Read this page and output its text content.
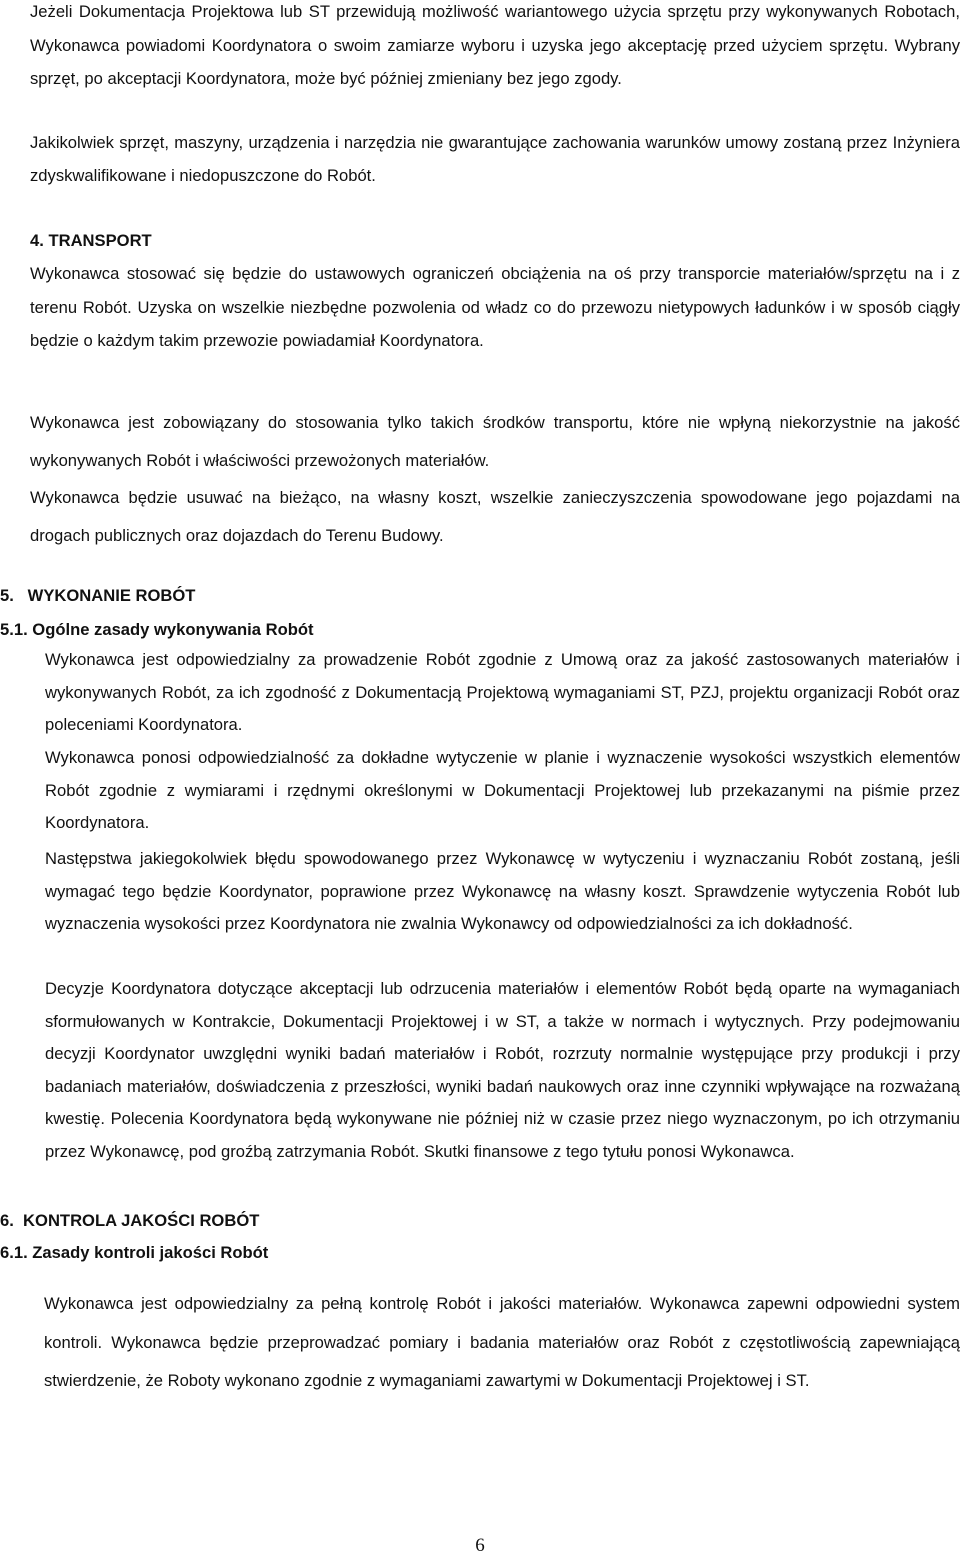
Jeżeli Dokumentacja Projektowa lub ST przewidują możliwość wariantowego użycia sprzętu przy wykonywanych Robotach, Wykonawca powiadomi Koordynatora o swoim zamiarze wyboru i uzyska jego akceptację przed użyciem sprzętu. Wybrany sprzęt, po akceptacji Koordynatora, może być później zmieniany bez jego zgody.

Jakikolwiek sprzęt, maszyny, urządzenia i narzędzia nie gwarantujące zachowania warunków umowy zostaną przez Inżyniera zdyskwalifikowane i niedopuszczone do Robót.

4. TRANSPORT

Wykonawca stosować się będzie do ustawowych ograniczeń obciążenia na oś przy transporcie materiałów/sprzętu na i z terenu Robót. Uzyska on wszelkie niezbędne pozwolenia od władz co do przewozu nietypowych ładunków i w sposób ciągły będzie o każdym takim przewozie powiadamiał Koordynatora.

Wykonawca jest zobowiązany do stosowania tylko takich środków transportu, które nie wpłyną niekorzystnie na jakość wykonywanych Robót i właściwości przewożonych materiałów.

Wykonawca będzie usuwać na bieżąco, na własny koszt, wszelkie zanieczyszczenia spowodowane jego pojazdami na drogach publicznych oraz dojazdach do Terenu Budowy.

5.   WYKONANIE ROBÓT
5.1. Ogólne zasady wykonywania Robót

Wykonawca jest odpowiedzialny za prowadzenie Robót zgodnie z Umową oraz za jakość zastosowanych materiałów i wykonywanych Robót, za ich zgodność z Dokumentacją Projektową wymaganiami ST, PZJ, projektu organizacji Robót oraz poleceniami Koordynatora.

Wykonawca ponosi odpowiedzialność za dokładne wytyczenie w planie i wyznaczenie wysokości wszystkich elementów Robót zgodnie z wymiarami i rzędnymi określonymi w Dokumentacji Projektowej lub przekazanymi na piśmie przez Koordynatora.

Następstwa jakiegokolwiek błędu spowodowanego przez Wykonawcę w wytyczeniu i wyznaczaniu Robót zostaną, jeśli wymagać tego będzie Koordynator, poprawione przez Wykonawcę na własny koszt. Sprawdzenie wytyczenia Robót lub wyznaczenia wysokości przez Koordynatora nie zwalnia Wykonawcy od odpowiedzialności za ich dokładność.

Decyzje Koordynatora dotyczące akceptacji lub odrzucenia materiałów i elementów Robót będą oparte na wymaganiach sformułowanych w Kontrakcie, Dokumentacji Projektowej i w ST, a także w normach i wytycznych. Przy podejmowaniu decyzji Koordynator uwzględni wyniki badań materiałów i Robót, rozrzuty normalnie występujące przy produkcji i przy badaniach materiałów, doświadczenia z przeszłości, wyniki badań naukowych oraz inne czynniki wpływające na rozważaną kwestię. Polecenia Koordynatora będą wykonywane nie później niż w czasie przez niego wyznaczonym, po ich otrzymaniu przez Wykonawcę, pod groźbą zatrzymania Robót. Skutki finansowe z tego tytułu ponosi Wykonawca.

6.  KONTROLA JAKOŚCI ROBÓT
6.1. Zasady kontroli jakości Robót

Wykonawca jest odpowiedzialny za pełną kontrolę Robót i jakości materiałów. Wykonawca zapewni odpowiedni system kontroli. Wykonawca będzie przeprowadzać pomiary i badania materiałów oraz Robót z częstotliwością zapewniającą stwierdzenie, że Roboty wykonano zgodnie z wymaganiami zawartymi w Dokumentacji Projektowej i ST.

6
